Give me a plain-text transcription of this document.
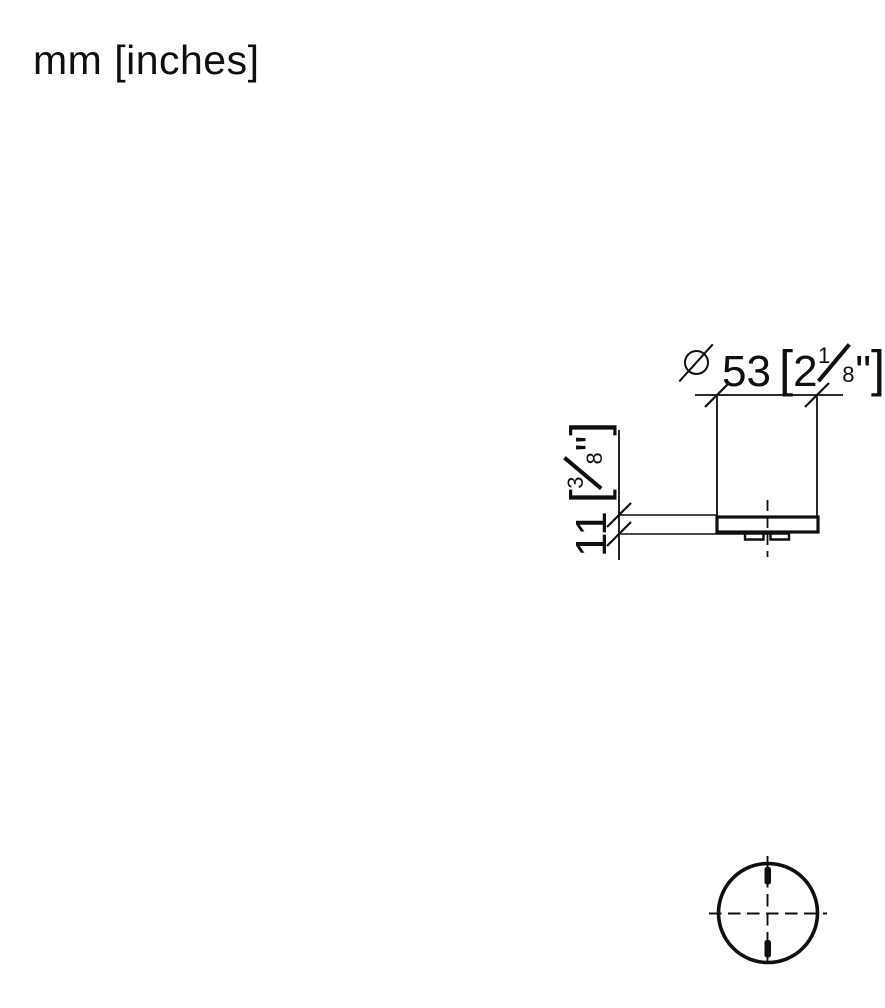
mm [inches]
53 [ 2 1
8 " ]
11
[
3
8
"
]
